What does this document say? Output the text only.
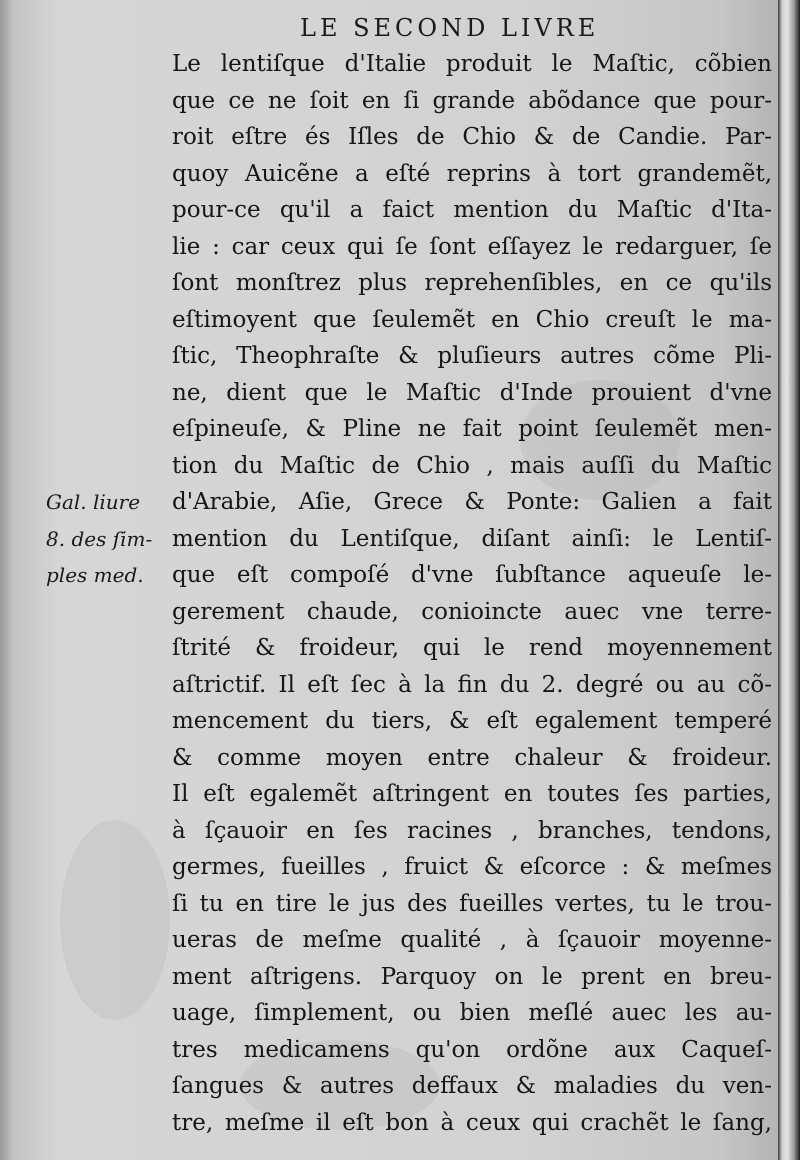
LE SECOND LIVRE
Gal. liure
8. des ſim-
ples med.
Le lentiſque d'Italie produit le Maſtic, cõbien
que ce ne ſoit en ſi grande abõdance que pour-
roit eſtre és Iſles de Chio & de Candie. Par-
quoy Auicẽne a eſté reprins à tort grandemẽt,
pour-ce qu'il a faict mention du Maſtic d'Ita-
lie : car ceux qui ſe ſont eſſayez le redarguer, ſe
ſont monſtrez plus reprehenſibles, en ce qu'ils
eſtimoyent que ſeulemẽt en Chio creuſt le ma-
ſtic, Theophraſte & pluſieurs autres cõme Pli-
ne, dient que le Maſtic d'Inde prouient d'vne
eſpineuſe, & Pline ne fait point ſeulemẽt men-
tion du Maſtic de Chio , mais auſſi du Maſtic
d'Arabie, Aſie, Grece & Ponte: Galien a fait
mention du Lentiſque, diſant ainſi: le Lentiſ-
que eſt compoſé d'vne ſubſtance aqueuſe le-
gerement chaude, conioincte auec vne terre-
ſtrité & froideur, qui le rend moyennement
aſtrictif. Il eſt ſec à la fin du 2. degré ou au cõ-
mencement du tiers, & eſt egalement temperé
& comme moyen entre chaleur & froideur.
Il eſt egalemẽt aſtringent en toutes ſes parties,
à ſçauoir en ſes racines , branches, tendons,
germes, fueilles , fruict & eſcorce : & meſmes
ſi tu en tire le jus des fueilles vertes, tu le trou-
ueras de meſme qualité , à ſçauoir moyenne-
ment aſtrigens. Parquoy on le prent en breu-
uage, ſimplement, ou bien meſlé auec les au-
tres medicamens qu'on ordõne aux Caqueſ-
ſangues & autres deffaux & maladies du ven-
tre, meſme il eſt bon à ceux qui crachẽt le ſang,
